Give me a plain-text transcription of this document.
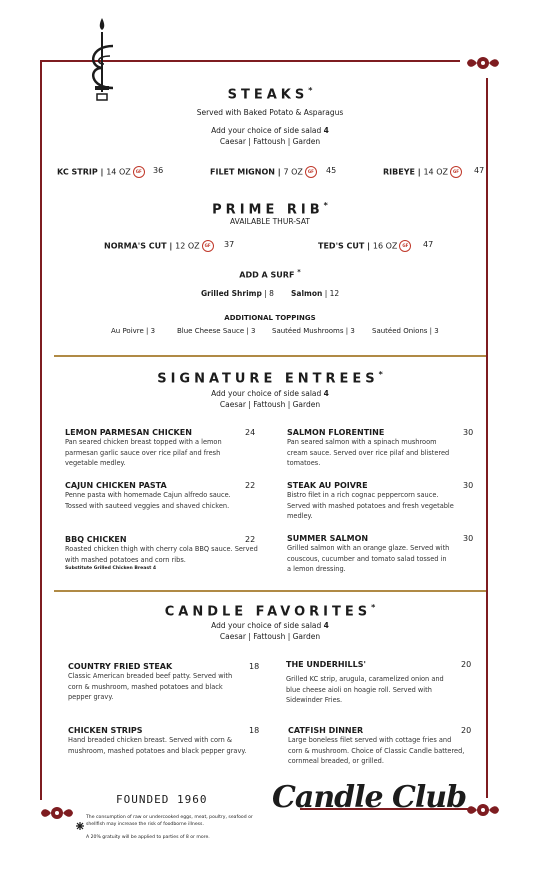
STEAKS*
Served with Baked Potato & Asparagus
Add your choice of side salad 4
Caesar | Fattoush | Garden
KC STRIP | 14 OZ GF	36	FILET MIGNON | 7 OZ GF	45	RIBEYE | 14 OZ GF	47
PRIME RIB*
AVAILABLE THUR-SAT
NORMA'S CUT | 12 OZ GF	37	TED'S CUT | 16 OZ GF	47
ADD A SURF *
Grilled Shrimp | 8 Salmon | 12
ADDITIONAL TOPPINGS
Au Poivre | 3	Blue Cheese Sauce | 3 Sautéed Mushrooms | 3 Sautéed Onions | 3
SIGNATURE ENTREES*
Add your choice of side salad 4
Caesar | Fattoush | Garden
LEMON PARMESAN CHICKEN
Pan seared chicken breast topped with a lemon parmesan garlic sauce over rice pilaf and fresh vegetable medley.
24
CAJUN CHICKEN PASTA
Penne pasta with homemade Cajun alfredo sauce. Tossed with sauteed veggies and shaved chicken.
22
BBQ CHICKEN
Roasted chicken thigh with cherry cola BBQ sauce. Served with mashed potatoes and corn ribs.
Substitute Grilled Chicken Breast 4
22
SALMON FLORENTINE
Pan seared salmon with a spinach mushroom cream sauce. Served over rice pilaf and blistered tomatoes.
30
STEAK AU POIVRE
Bistro filet in a rich cognac peppercorn sauce. Served with mashed potatoes and fresh vegetable medley.
30
SUMMER SALMON
Grilled salmon with an orange glaze. Served with couscous, cucumber and tomato salad tossed in a lemon dressing.
30
CANDLE FAVORITES*
Add your choice of side salad 4
Caesar | Fattoush | Garden
COUNTRY FRIED STEAK
Classic American breaded beef patty. Served with corn & mushroom, mashed potatoes and black pepper gravy.
18	THE UNDERHILLS'
Grilled KC strip, arugula, caramelized onion and blue cheese aioli on hoagie roll. Served with Sidewinder Fries.
20
CHICKEN STRIPS
Hand breaded chicken breast. Served with corn & mushroom, mashed potatoes and black pepper gravy.
18	CATFISH DINNER
Large boneless filet served with cottage fries and corn & mushroom. Choice of Classic Candle battered, cornmeal breaded, or grilled.
20
FOUNDED 1960 Candle Club
The consumption of raw or undercooked eggs, meat, poultry, seafood or shellfish may increase the risk of foodborne illness.
A 20% gratuity will be applied to parties of 8 or more.
